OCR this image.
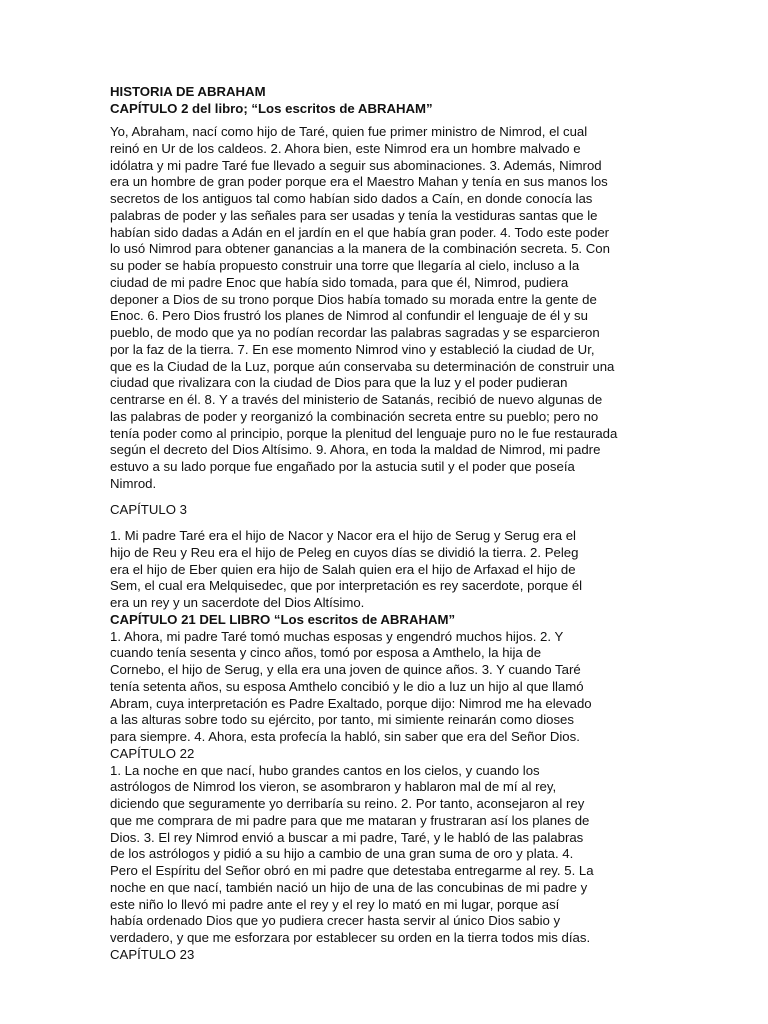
HISTORIA DE ABRAHAM
CAPÍTULO 2 del libro; “Los escritos de ABRAHAM”
Yo, Abraham, nací como hijo de Taré, quien fue primer ministro de Nimrod, el cual
reinó en Ur de los caldeos. 2. Ahora bien, este Nimrod era un hombre malvado e
idólatra y mi padre Taré fue llevado a seguir sus abominaciones. 3. Además, Nimrod
era un hombre de gran poder porque era el Maestro Mahan y tenía en sus manos los
secretos de los antiguos tal como habían sido dados a Caín, en donde conocía las
palabras de poder y las señales para ser usadas y tenía la vestiduras santas que le
habían sido dadas a Adán en el jardín en el que había gran poder. 4. Todo este poder
lo usó Nimrod para obtener ganancias a la manera de la combinación secreta. 5. Con
su poder se había propuesto construir una torre que llegaría al cielo, incluso a la
ciudad de mi padre Enoc que había sido tomada, para que él, Nimrod, pudiera
deponer a Dios de su trono porque Dios había tomado su morada entre la gente de
Enoc. 6. Pero Dios frustró los planes de Nimrod al confundir el lenguaje de él y su
pueblo, de modo que ya no podían recordar las palabras sagradas y se esparcieron
por la faz de la tierra. 7. En ese momento Nimrod vino y estableció la ciudad de Ur,
que es la Ciudad de la Luz, porque aún conservaba su determinación de construir una
ciudad que rivalizara con la ciudad de Dios para que la luz y el poder pudieran
centrarse en él. 8. Y a través del ministerio de Satanás, recibió de nuevo algunas de
las palabras de poder y reorganizó la combinación secreta entre su pueblo; pero no
tenía poder como al principio, porque la plenitud del lenguaje puro no le fue restaurada
según el decreto del Dios Altísimo. 9. Ahora, en toda la maldad de Nimrod, mi padre
estuvo a su lado porque fue engañado por la astucia sutil y el poder que poseía
Nimrod.
CAPÍTULO 3
1. Mi padre Taré era el hijo de Nacor y Nacor era el hijo de Serug y Serug era el
hijo de Reu y Reu era el hijo de Peleg en cuyos días se dividió la tierra. 2. Peleg
era el hijo de Eber quien era hijo de Salah quien era el hijo de Arfaxad el hijo de
Sem, el cual era Melquisedec, que por interpretación es rey sacerdote, porque él
era un rey y un sacerdote del Dios Altísimo.
CAPÍTULO 21 DEL LIBRO “Los escritos de ABRAHAM”
1. Ahora, mi padre Taré tomó muchas esposas y engendró muchos hijos. 2. Y
cuando tenía sesenta y cinco años, tomó por esposa a Amthelo, la hija de
Cornebo, el hijo de Serug, y ella era una joven de quince años. 3. Y cuando Taré
tenía setenta años, su esposa Amthelo concibió y le dio a luz un hijo al que llamó
Abram, cuya interpretación es Padre Exaltado, porque dijo: Nimrod me ha elevado
a las alturas sobre todo su ejército, por tanto, mi simiente reinarán como dioses
para siempre. 4. Ahora, esta profecía la habló, sin saber que era del Señor Dios.
CAPÍTULO 22
1. La noche en que nací, hubo grandes cantos en los cielos, y cuando los
astrólogos de Nimrod los vieron, se asombraron y hablaron mal de mí al rey,
diciendo que seguramente yo derribaría su reino. 2. Por tanto, aconsejaron al rey
que me comprara de mi padre para que me mataran y frustraran así los planes de
Dios. 3. El rey Nimrod envió a buscar a mi padre, Taré, y le habló de las palabras
de los astrólogos y pidió a su hijo a cambio de una gran suma de oro y plata. 4.
Pero el Espíritu del Señor obró en mi padre que detestaba entregarme al rey. 5. La
noche en que nací, también nació un hijo de una de las concubinas de mi padre y
este niño lo llevó mi padre ante el rey y el rey lo mató en mi lugar, porque así
había ordenado Dios que yo pudiera crecer hasta servir al único Dios sabio y
verdadero, y que me esforzara por establecer su orden en la tierra todos mis días.
CAPÍTULO 23
